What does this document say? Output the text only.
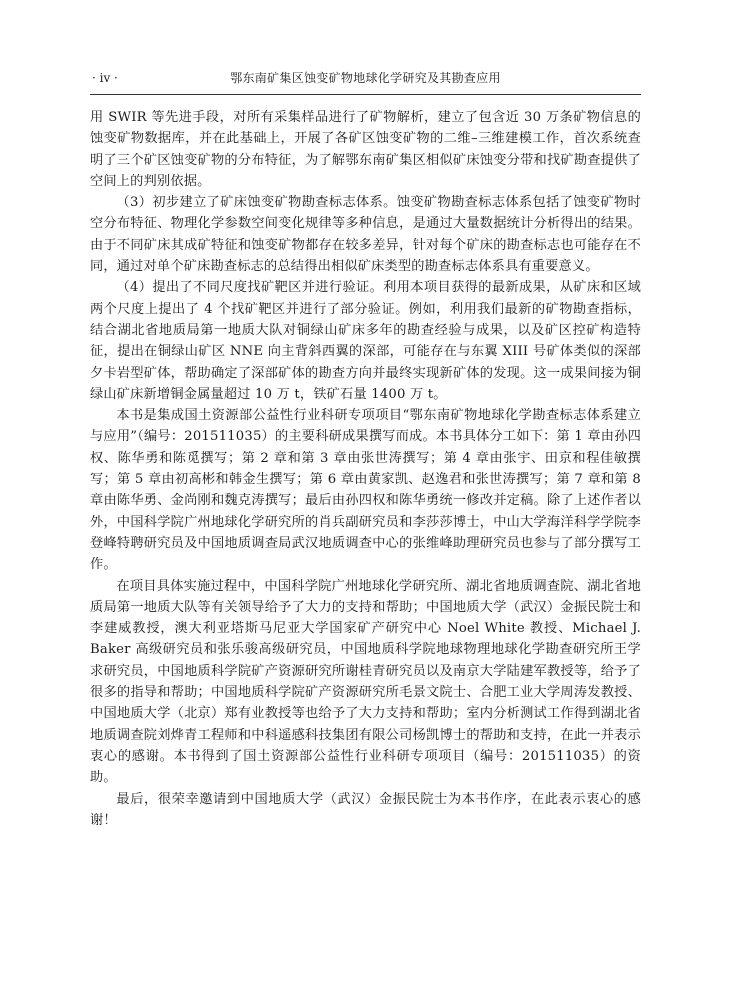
· iv ·	鄂东南矿集区蚀变矿物地球化学研究及其勘查应用

用 SWIR 等先进手段，对所有采集样品进行了矿物解析，建立了包含近 30 万条矿物信息的蚀变矿物数据库，并在此基础上，开展了各矿区蚀变矿物的二维–三维建模工作，首次系统查明了三个矿区蚀变矿物的分布特征，为了解鄂东南矿集区相似矿床蚀变分带和找矿勘查提供了空间上的判别依据。

（3）初步建立了矿床蚀变矿物勘查标志体系。蚀变矿物勘查标志体系包括了蚀变矿物时空分布特征、物理化学参数空间变化规律等多种信息，是通过大量数据统计分析得出的结果。由于不同矿床其成矿特征和蚀变矿物都存在较多差异，针对每个矿床的勘查标志也可能存在不同，通过对单个矿床勘查标志的总结得出相似矿床类型的勘查标志体系具有重要意义。

（4）提出了不同尺度找矿靶区并进行验证。利用本项目获得的最新成果，从矿床和区域两个尺度上提出了 4 个找矿靶区并进行了部分验证。例如，利用我们最新的矿物勘查指标，结合湖北省地质局第一地质大队对铜绿山矿床多年的勘查经验与成果，以及矿区控矿构造特征，提出在铜绿山矿区 NNE 向主背斜西翼的深部，可能存在与东翼 XIII 号矿体类似的深部夕卡岩型矿体，帮助确定了深部矿体的勘查方向并最终实现新矿体的发现。这一成果间接为铜绿山矿床新增铜金属量超过 10 万 t，铁矿石量 1400 万 t。

本书是集成国土资源部公益性行业科研专项项目“鄂东南矿物地球化学勘查标志体系建立与应用”（编号：201511035）的主要科研成果撰写而成。本书具体分工如下：第 1 章由孙四权、陈华勇和陈觅撰写；第 2 章和第 3 章由张世涛撰写；第 4 章由张宇、田京和程佳敏撰写；第 5 章由初高彬和韩金生撰写；第 6 章由黄家凯、赵逸君和张世涛撰写；第 7 章和第 8 章由陈华勇、金尚刚和魏克涛撰写；最后由孙四权和陈华勇统一修改并定稿。除了上述作者以外，中国科学院广州地球化学研究所的肖兵副研究员和李莎莎博士，中山大学海洋科学学院李登峰特聘研究员及中国地质调查局武汉地质调查中心的张维峰助理研究员也参与了部分撰写工作。

在项目具体实施过程中，中国科学院广州地球化学研究所、湖北省地质调查院、湖北省地质局第一地质大队等有关领导给予了大力的支持和帮助；中国地质大学（武汉）金振民院士和李建威教授，澳大利亚塔斯马尼亚大学国家矿产研究中心 Noel White 教授、Michael J. Baker 高级研究员和张乐骏高级研究员，中国地质科学院地球物理地球化学勘查研究所王学求研究员，中国地质科学院矿产资源研究所谢桂青研究员以及南京大学陆建军教授等，给予了很多的指导和帮助；中国地质科学院矿产资源研究所毛景文院士、合肥工业大学周涛发教授、中国地质大学（北京）郑有业教授等也给予了大力支持和帮助；室内分析测试工作得到湖北省地质调查院刘烨青工程师和中科遥感科技集团有限公司杨凯博士的帮助和支持，在此一并表示衷心的感谢。本书得到了国土资源部公益性行业科研专项项目（编号：201511035）的资助。

最后，很荣幸邀请到中国地质大学（武汉）金振民院士为本书作序，在此表示衷心的感谢！
